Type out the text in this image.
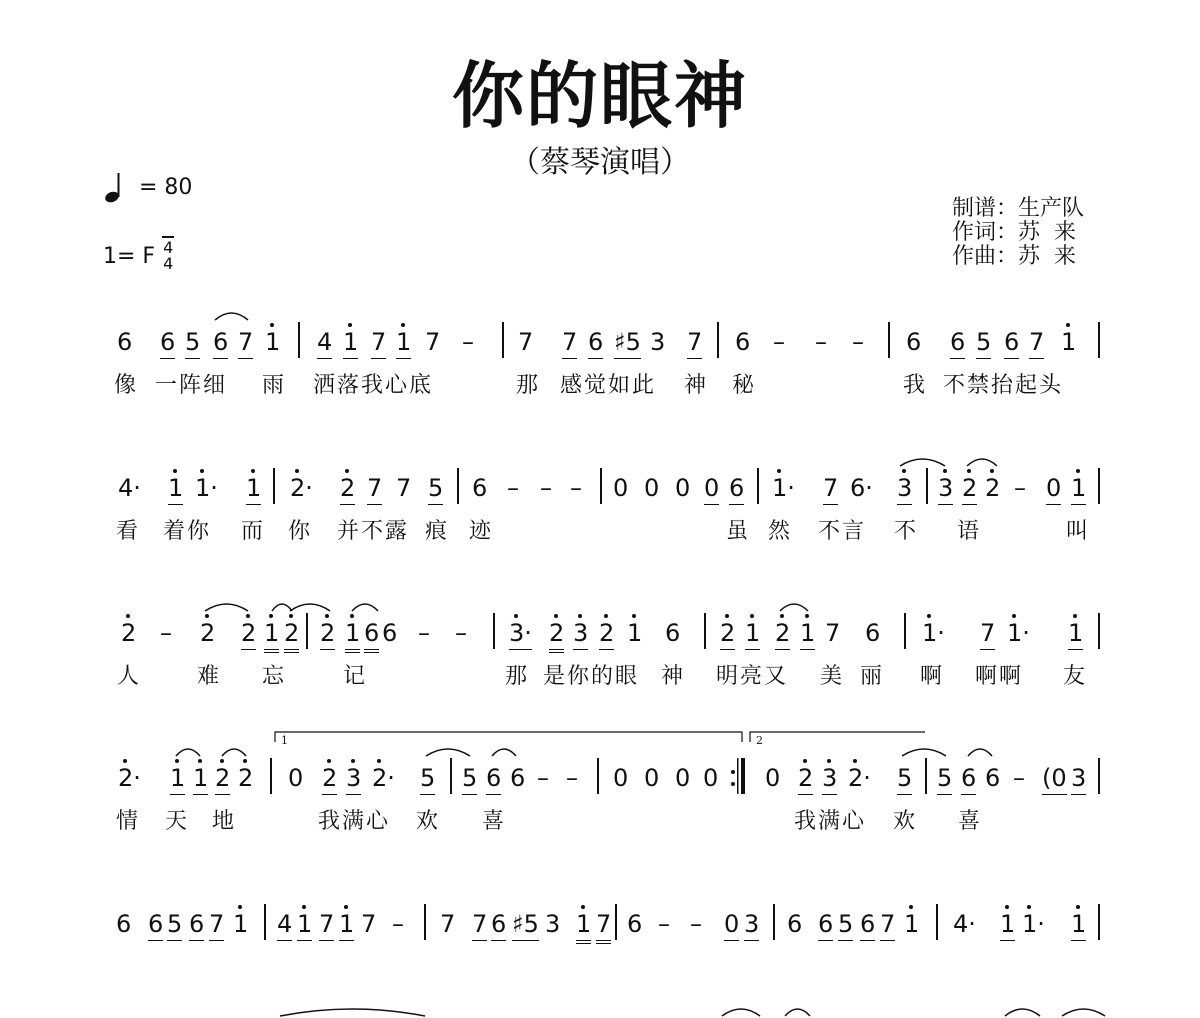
你的眼神
（蔡琴演唱）
= 80
1= F $\frac{4}{4}$
制谱：生产队
作词：苏  来
作曲：苏  来
6 6 5 6 7 1 4 1 7 1 7 – 7 7 6 ♯5 3 7 6 – – – 6 6 5 6 7 1
像 一阵细 雨 洒落我心底	那 感觉如此 神 秘	我 不禁抬起头
4· 1 1· 1 2· 2 7 7 5 6 – – – 0 0 0 0 6 1· 7 6· 3 3 2 2 – 0 1
看 着你 而 你 并不露 痕 迹	虽 然 不言 不 语	叫
2 – 2 2 1 2 2 1 6 6 – – 3· 2 3 2 1 6 2 1 2 1 7 6 1· 7 1· 1
人	难 忘	记	那 是你的眼 神 明亮又 美 丽 啊 啊啊 友
2· 1 1 2 2 0 2 3 2· 5 5 6 6 – – 0 0 0 0 0 2 3 2· 5 5 6 6 – (0 3
情 天 地	我满心 欢 喜	我满心 欢 喜
6 6 5 6 7 1 4 1 7 1 7 – 7 7 6 ♯5 3 1 7 6 – – 0 3 6 6 5 6 7 1 4· 1 1· 1
1	2
